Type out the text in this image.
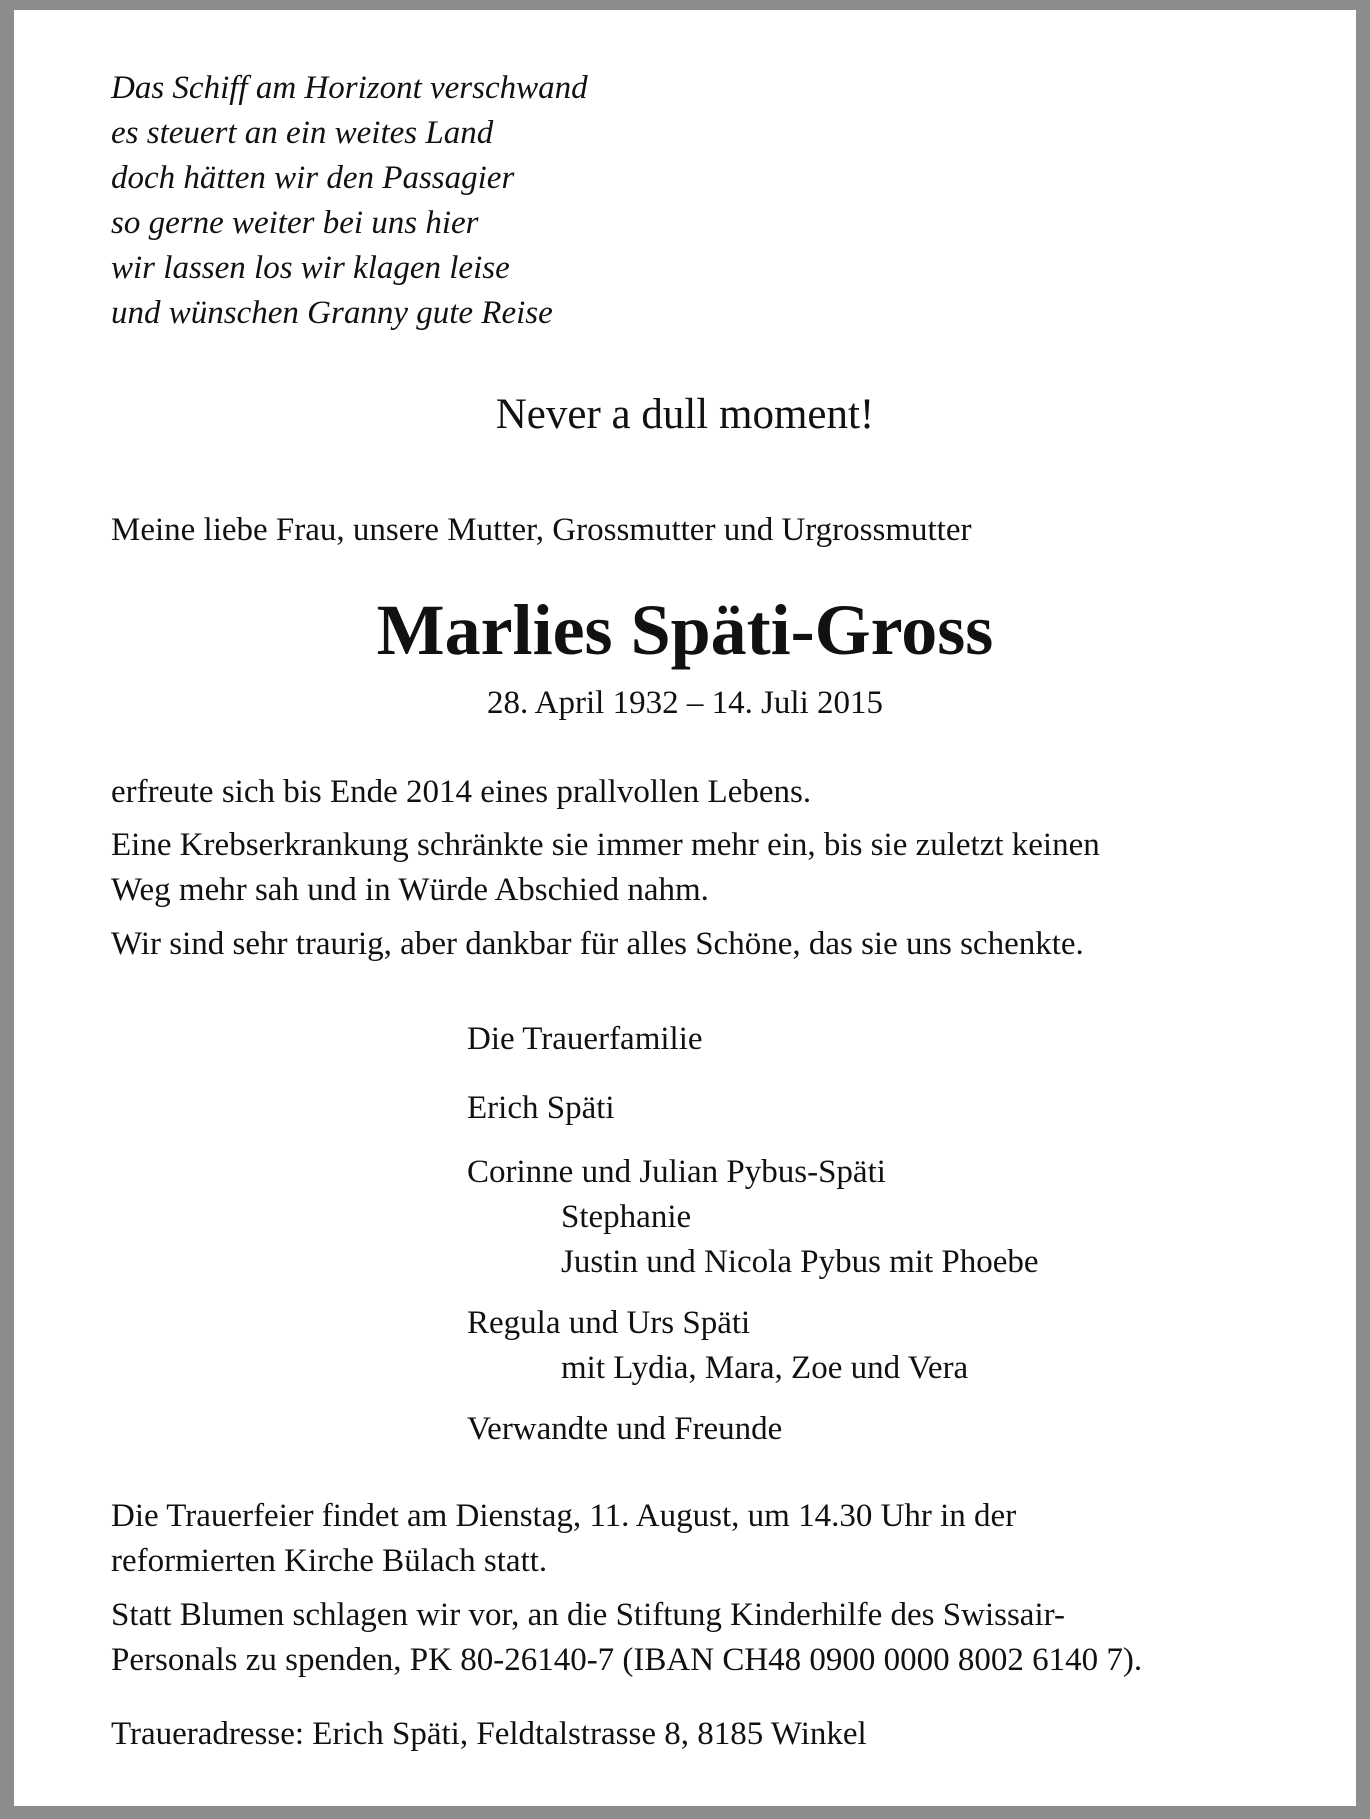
Das Schiff am Horizont verschwand
es steuert an ein weites Land
doch hätten wir den Passagier
so gerne weiter bei uns hier
wir lassen los wir klagen leise
und wünschen Granny gute Reise
Never a dull moment!
Meine liebe Frau, unsere Mutter, Grossmutter und Urgrossmutter
Marlies Späti-Gross
28. April 1932 – 14. Juli 2015
erfreute sich bis Ende 2014 eines prallvollen Lebens.
Eine Krebserkrankung schränkte sie immer mehr ein, bis sie zuletzt keinen
Weg mehr sah und in Würde Abschied nahm.
Wir sind sehr traurig, aber dankbar für alles Schöne, das sie uns schenkte.
Die Trauerfamilie
Erich Späti
Corinne und Julian Pybus-Späti
Stephanie
Justin und Nicola Pybus mit Phoebe
Regula und Urs Späti
mit Lydia, Mara, Zoe und Vera
Verwandte und Freunde
Die Trauerfeier findet am Dienstag, 11. August, um 14.30 Uhr in der
reformierten Kirche Bülach statt.
Statt Blumen schlagen wir vor, an die Stiftung Kinderhilfe des Swissair-
Personals zu spenden, PK 80-26140-7 (IBAN CH48 0900 0000 8002 6140 7).
Traueradresse: Erich Späti, Feldtalstrasse 8, 8185 Winkel
